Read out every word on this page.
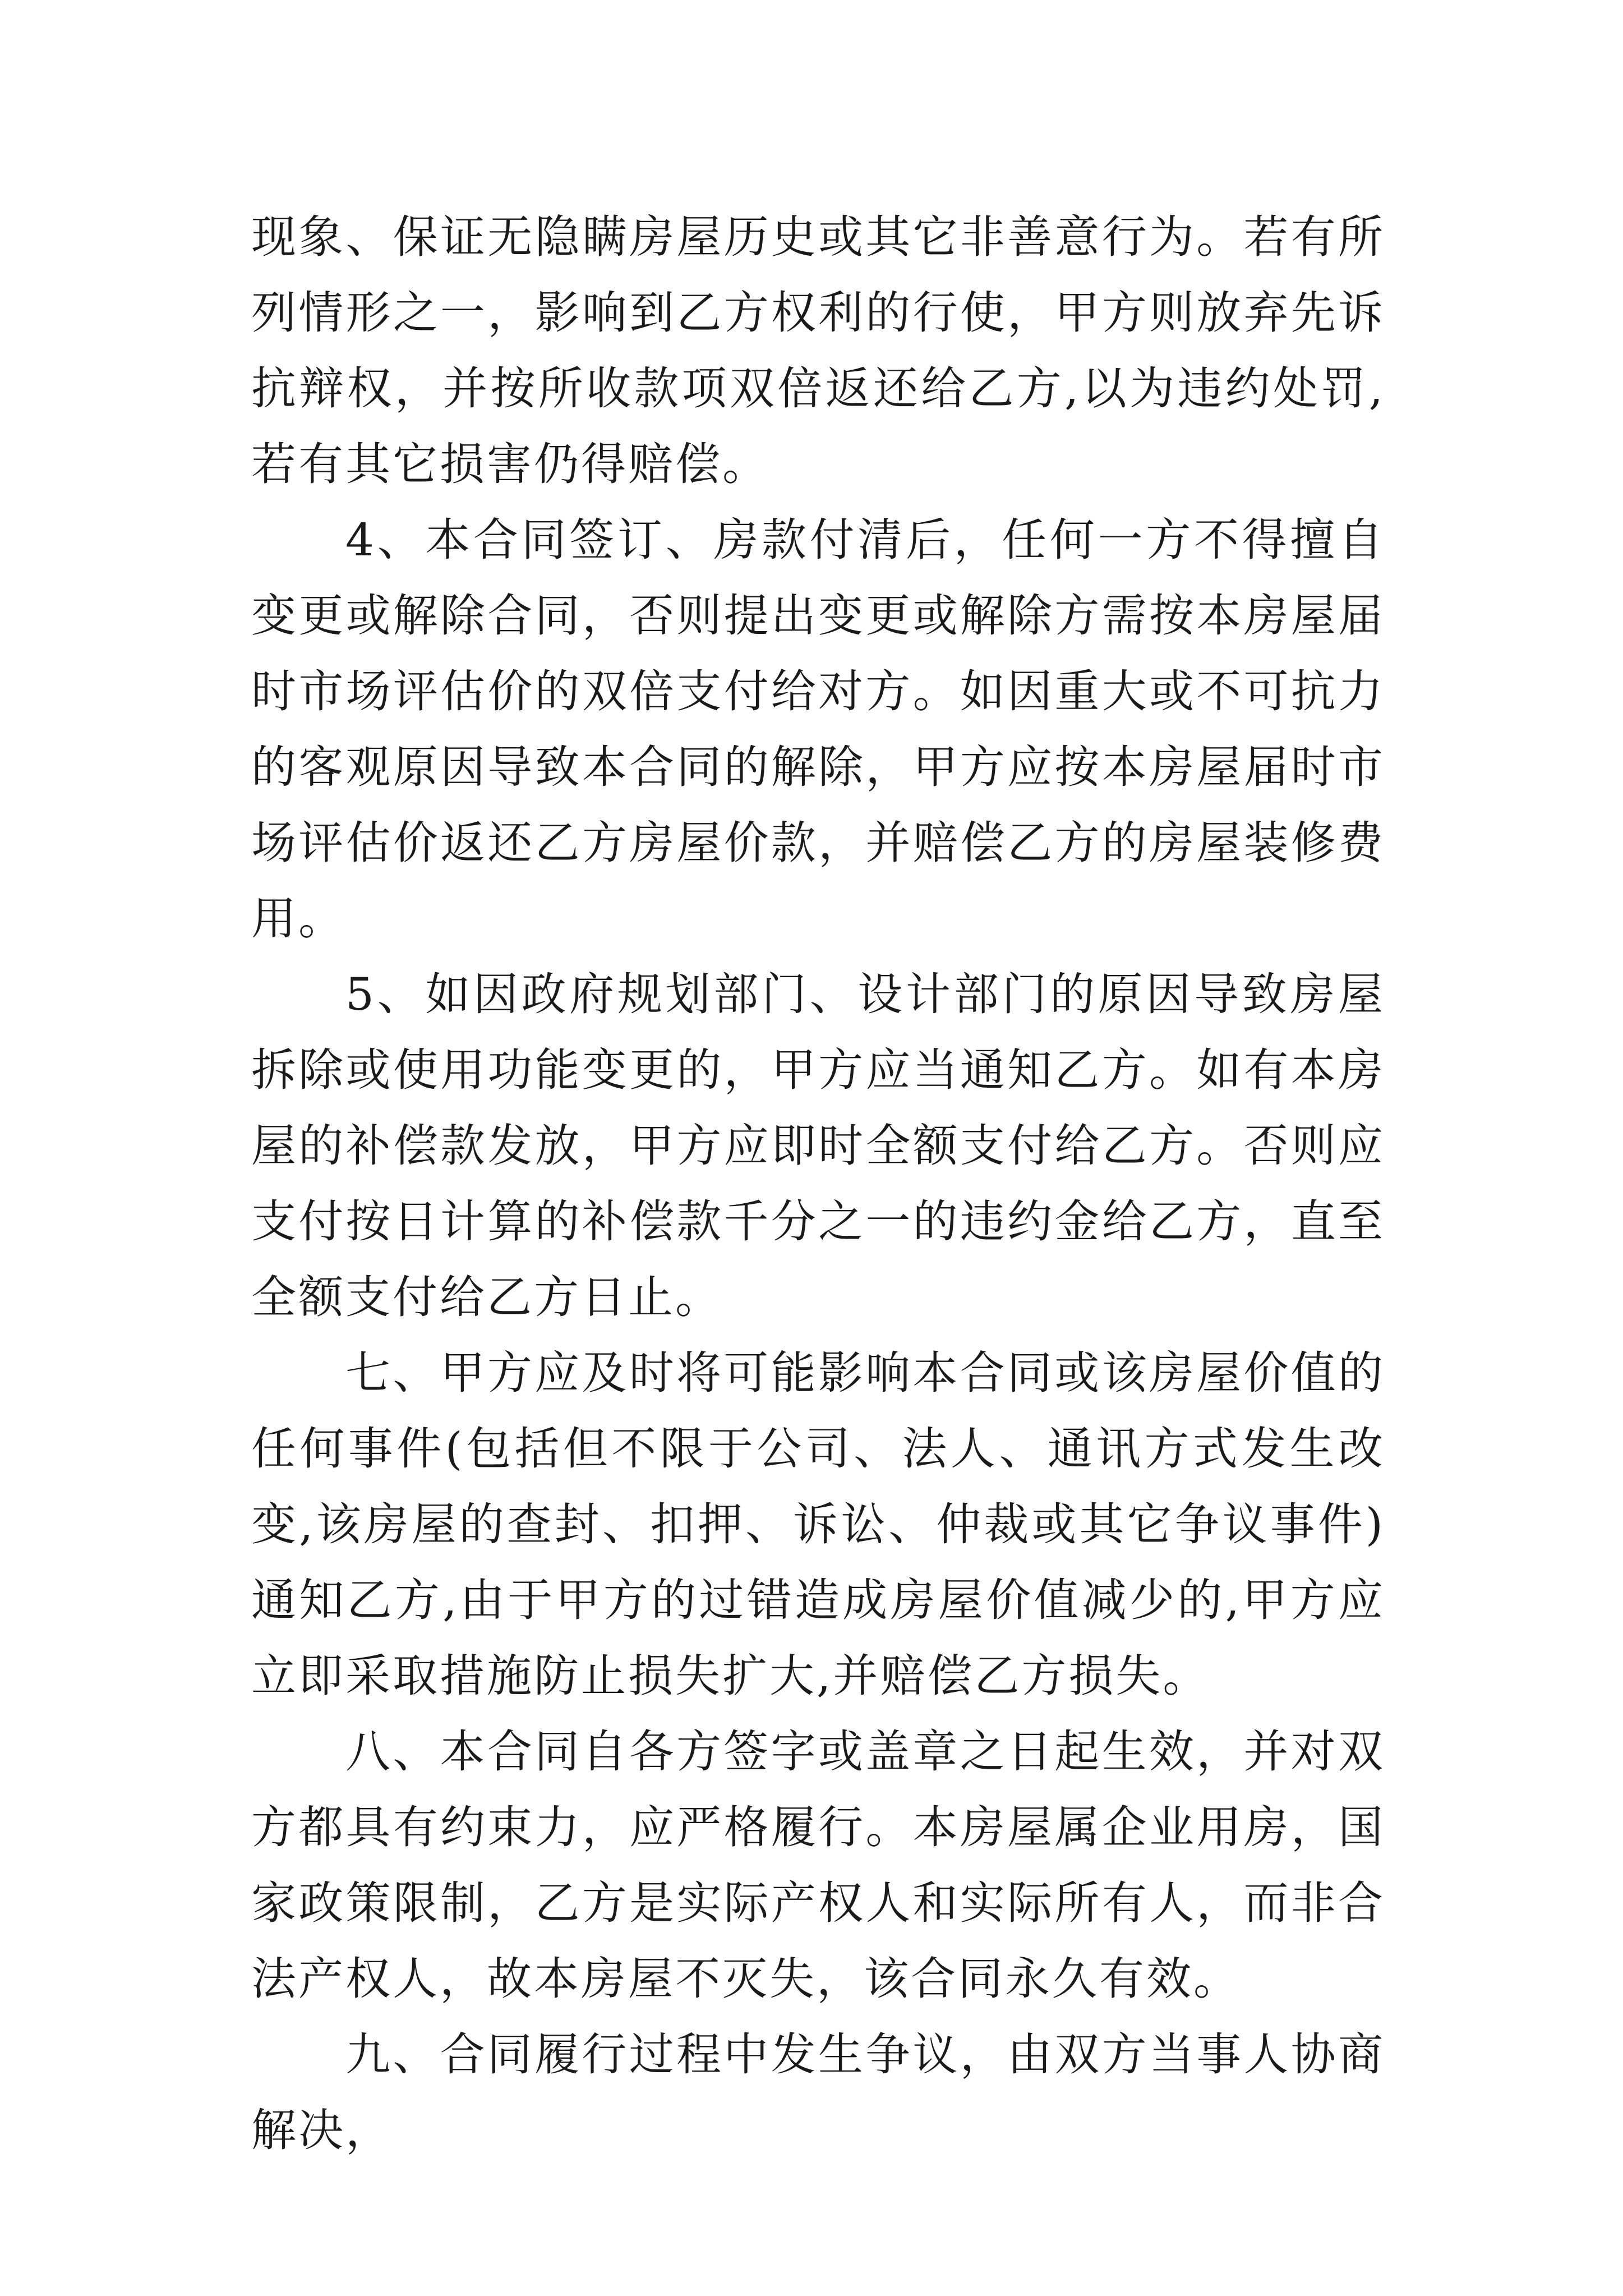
现象、保证无隐瞒房屋历史或其它非善意行为。若有所列情形之一，影响到乙方权利的行使，甲方则放弃先诉抗辩权，并按所收款项双倍返还给乙方,以为违约处罚,若有其它损害仍得赔偿。

4、本合同签订、房款付清后，任何一方不得擅自变更或解除合同，否则提出变更或解除方需按本房屋届时市场评估价的双倍支付给对方。如因重大或不可抗力的客观原因导致本合同的解除，甲方应按本房屋届时市场评估价返还乙方房屋价款，并赔偿乙方的房屋装修费用。

5、如因政府规划部门、设计部门的原因导致房屋拆除或使用功能变更的，甲方应当通知乙方。如有本房屋的补偿款发放，甲方应即时全额支付给乙方。否则应支付按日计算的补偿款千分之一的违约金给乙方，直至全额支付给乙方日止。

七、甲方应及时将可能影响本合同或该房屋价值的任何事件(包括但不限于公司、法人、通讯方式发生改变,该房屋的查封、扣押、诉讼、仲裁或其它争议事件)通知乙方,由于甲方的过错造成房屋价值减少的,甲方应立即采取措施防止损失扩大,并赔偿乙方损失。

八、本合同自各方签字或盖章之日起生效，并对双方都具有约束力，应严格履行。本房屋属企业用房，国家政策限制，乙方是实际产权人和实际所有人，而非合法产权人，故本房屋不灭失，该合同永久有效。

九、合同履行过程中发生争议，由双方当事人协商解决，
